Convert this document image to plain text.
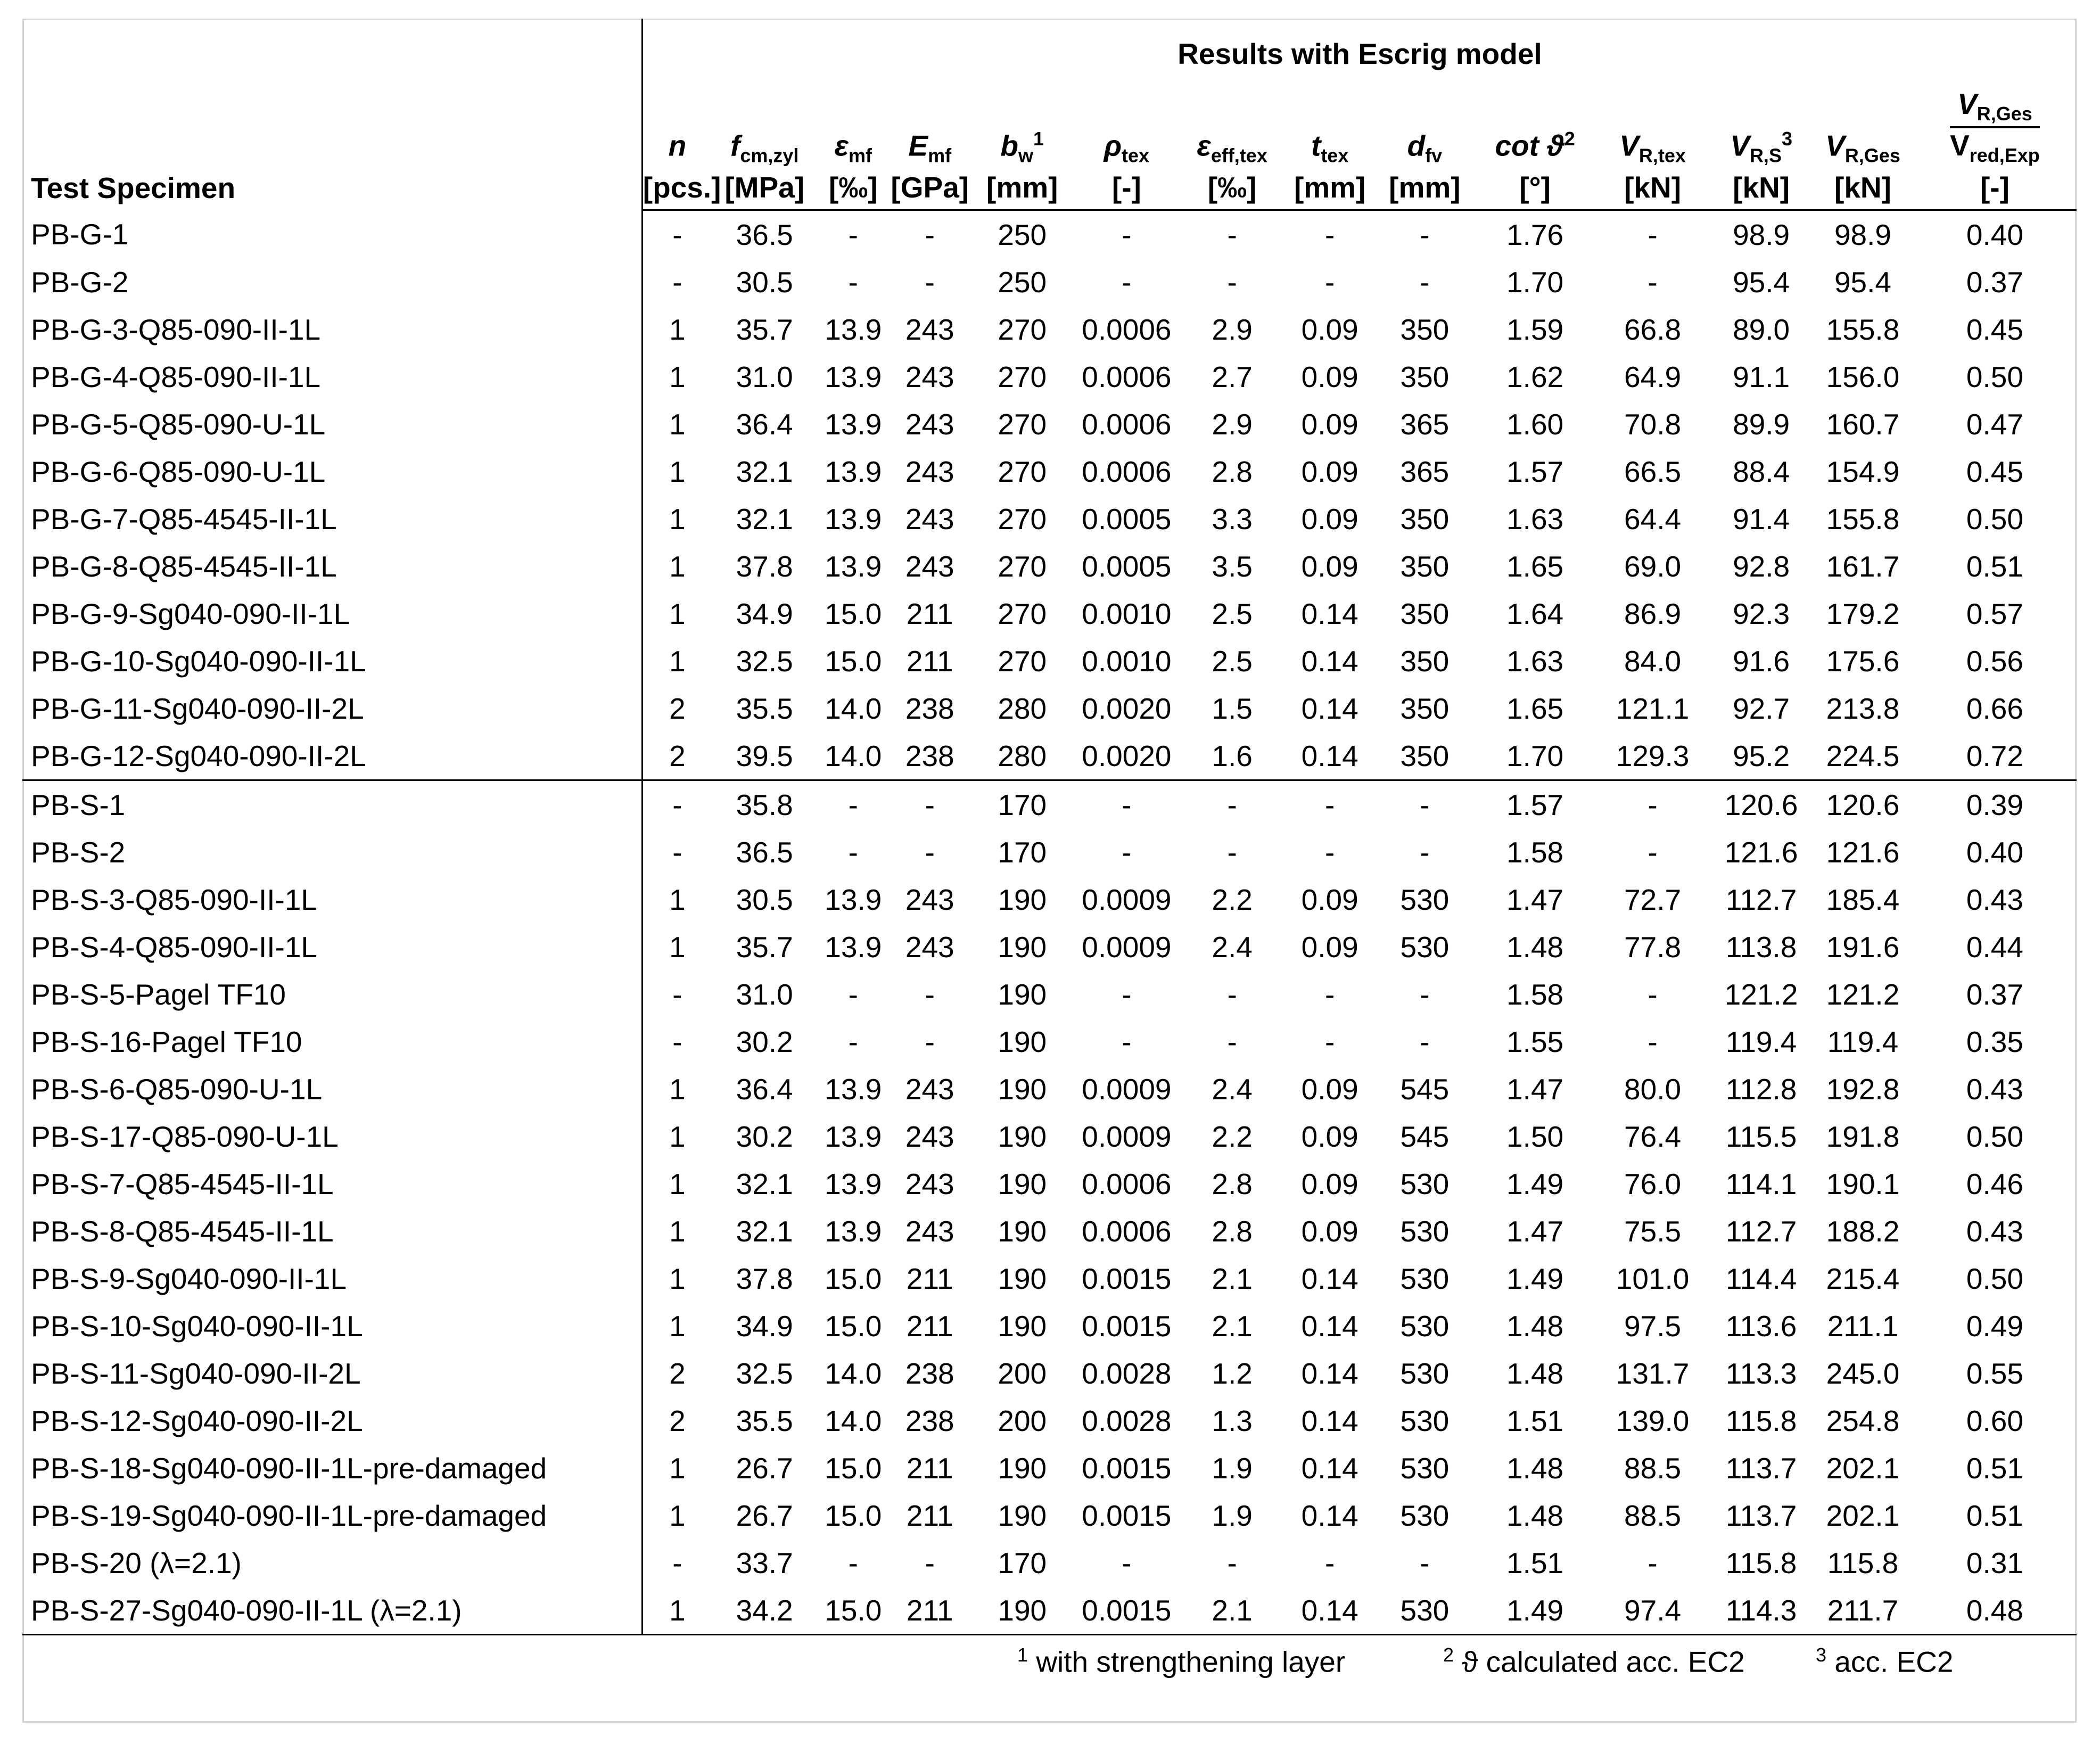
Test Specimen	Results with Escrig model													
	n	$f_{cm,zyl}$	$\varepsilon_{mf}$	$E_{mf}$	$b_w^1$	$\rho_{tex}$	$\varepsilon_{eff,tex}$	$t_{tex}$	$d_{fv}$	$\cot ϑ^2$	$V_{R,tex}$	$V_{R,S}^3$	$V_{R,Ges}$	$\frac{V_{R,Ges}}{V_{red,Exp}}$

	[pcs.]	[MPa]	[‰]	[GPa]	[mm]	[-]	[‰]	[mm]	[mm]	[°]	[kN]	[kN]	[kN]	[-]
PB-G-1	-	36.5	-	-	250	-	-	-	-	1.76	-	98.9	98.9	0.40
PB-G-2	-	30.5	-	-	250	-	-	-	-	1.70	-	95.4	95.4	0.37
PB-G-3-Q85-090-II-1L	1	35.7	13.9	243	270	0.0006	2.9	0.09	350	1.59	66.8	89.0	155.8	0.45
PB-G-4-Q85-090-II-1L	1	31.0	13.9	243	270	0.0006	2.7	0.09	350	1.62	64.9	91.1	156.0	0.50
PB-G-5-Q85-090-U-1L	1	36.4	13.9	243	270	0.0006	2.9	0.09	365	1.60	70.8	89.9	160.7	0.47
PB-G-6-Q85-090-U-1L	1	32.1	13.9	243	270	0.0006	2.8	0.09	365	1.57	66.5	88.4	154.9	0.45
PB-G-7-Q85-4545-II-1L	1	32.1	13.9	243	270	0.0005	3.3	0.09	350	1.63	64.4	91.4	155.8	0.50
PB-G-8-Q85-4545-II-1L	1	37.8	13.9	243	270	0.0005	3.5	0.09	350	1.65	69.0	92.8	161.7	0.51
PB-G-9-Sg040-090-II-1L	1	34.9	15.0	211	270	0.0010	2.5	0.14	350	1.64	86.9	92.3	179.2	0.57
PB-G-10-Sg040-090-II-1L	1	32.5	15.0	211	270	0.0010	2.5	0.14	350	1.63	84.0	91.6	175.6	0.56
PB-G-11-Sg040-090-II-2L	2	35.5	14.0	238	280	0.0020	1.5	0.14	350	1.65	121.1	92.7	213.8	0.66
PB-G-12-Sg040-090-II-2L	2	39.5	14.0	238	280	0.0020	1.6	0.14	350	1.70	129.3	95.2	224.5	0.72
PB-S-1	-	35.8	-	-	170	-	-	-	-	1.57	-	120.6	120.6	0.39
PB-S-2	-	36.5	-	-	170	-	-	-	-	1.58	-	121.6	121.6	0.40
PB-S-3-Q85-090-II-1L	1	30.5	13.9	243	190	0.0009	2.2	0.09	530	1.47	72.7	112.7	185.4	0.43
PB-S-4-Q85-090-II-1L	1	35.7	13.9	243	190	0.0009	2.4	0.09	530	1.48	77.8	113.8	191.6	0.44
PB-S-5-Pagel TF10	-	31.0	-	-	190	-	-	-	-	1.58	-	121.2	121.2	0.37
PB-S-16-Pagel TF10	-	30.2	-	-	190	-	-	-	-	1.55	-	119.4	119.4	0.35
PB-S-6-Q85-090-U-1L	1	36.4	13.9	243	190	0.0009	2.4	0.09	545	1.47	80.0	112.8	192.8	0.43
PB-S-17-Q85-090-U-1L	1	30.2	13.9	243	190	0.0009	2.2	0.09	545	1.50	76.4	115.5	191.8	0.50
PB-S-7-Q85-4545-II-1L	1	32.1	13.9	243	190	0.0006	2.8	0.09	530	1.49	76.0	114.1	190.1	0.46
PB-S-8-Q85-4545-II-1L	1	32.1	13.9	243	190	0.0006	2.8	0.09	530	1.47	75.5	112.7	188.2	0.43
PB-S-9-Sg040-090-II-1L	1	37.8	15.0	211	190	0.0015	2.1	0.14	530	1.49	101.0	114.4	215.4	0.50
PB-S-10-Sg040-090-II-1L	1	34.9	15.0	211	190	0.0015	2.1	0.14	530	1.48	97.5	113.6	211.1	0.49
PB-S-11-Sg040-090-II-2L	2	32.5	14.0	238	200	0.0028	1.2	0.14	530	1.48	131.7	113.3	245.0	0.55
PB-S-12-Sg040-090-II-2L	2	35.5	14.0	238	200	0.0028	1.3	0.14	530	1.51	139.0	115.8	254.8	0.60
PB-S-18-Sg040-090-II-1L-pre-damaged	1	26.7	15.0	211	190	0.0015	1.9	0.14	530	1.48	88.5	113.7	202.1	0.51
PB-S-19-Sg040-090-II-1L-pre-damaged	1	26.7	15.0	211	190	0.0015	1.9	0.14	530	1.48	88.5	113.7	202.1	0.51
PB-S-20 (λ=2.1)	-	33.7	-	-	170	-	-	-	-	1.51	-	115.8	115.8	0.31
PB-S-27-Sg040-090-II-1L (λ=2.1)	1	34.2	15.0	211	190	0.0015	2.1	0.14	530	1.49	97.4	114.3	211.7	0.48

$^1$ with strengthening layer $^2$ ϑ calculated acc. EC2 $^3$ acc. EC2														
